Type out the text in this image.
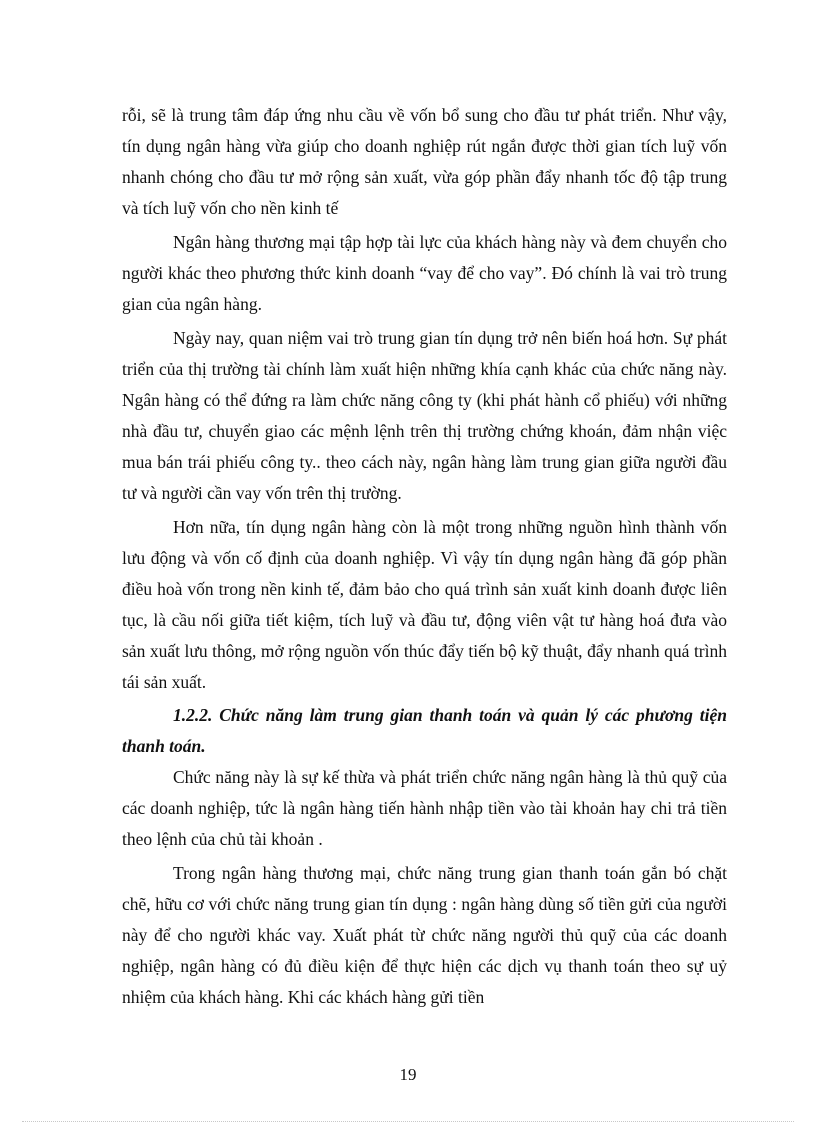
rỗi, sẽ là trung tâm đáp ứng nhu cầu về vốn bổ sung cho đầu tư phát triển. Như vậy, tín dụng ngân hàng vừa giúp cho doanh nghiệp rút ngắn được thời gian tích luỹ vốn nhanh chóng cho đầu tư mở rộng sản xuất, vừa góp phần đẩy nhanh tốc độ tập trung và tích luỹ vốn cho nền kinh tế

Ngân hàng thương mại tập hợp tài lực của khách hàng này và đem chuyển cho người khác theo phương thức kinh doanh “vay để cho vay”. Đó chính là vai trò trung gian của ngân hàng.

Ngày nay, quan niệm vai trò trung gian tín dụng trở nên biến hoá hơn. Sự phát triển của thị trường tài chính làm xuất hiện những khía cạnh khác của chức năng này. Ngân hàng có thể đứng ra làm chức năng công ty (khi phát hành cổ phiếu) với những nhà đầu tư, chuyển giao các mệnh lệnh trên thị trường chứng khoán, đảm nhận việc mua bán trái phiếu công ty.. theo cách này, ngân hàng làm trung gian giữa người đầu tư và người cần vay vốn trên thị trường.

Hơn nữa, tín dụng ngân hàng còn là một trong những nguồn hình thành vốn lưu động và vốn cố định của doanh nghiệp. Vì vậy tín dụng ngân hàng đã góp phần điều hoà vốn trong nền kinh tế, đảm bảo cho quá trình sản xuất kinh doanh được liên tục, là cầu nối giữa tiết kiệm, tích luỹ và đầu tư, động viên vật tư hàng hoá đưa vào sản xuất lưu thông, mở rộng nguồn vốn thúc đẩy tiến bộ kỹ thuật, đẩy nhanh quá trình tái sản xuất.

1.2.2. Chức năng làm trung gian thanh toán và quản lý các phương tiện thanh toán.

Chức năng này là sự kế thừa và phát triển chức năng ngân hàng là thủ quỹ của các doanh nghiệp, tức là ngân hàng tiến hành nhập tiền vào tài khoản hay chi trả tiền theo lệnh của chủ tài khoản .

Trong ngân hàng thương mại, chức năng trung gian thanh toán gắn bó chặt chẽ, hữu cơ với chức năng trung gian tín dụng : ngân hàng dùng số tiền gửi của người này để cho người khác vay. Xuất phát từ chức năng người thủ quỹ của các doanh nghiệp, ngân hàng có đủ điều kiện để thực hiện các dịch vụ thanh toán theo sự uỷ nhiệm của khách hàng. Khi các khách hàng gửi tiền

19
